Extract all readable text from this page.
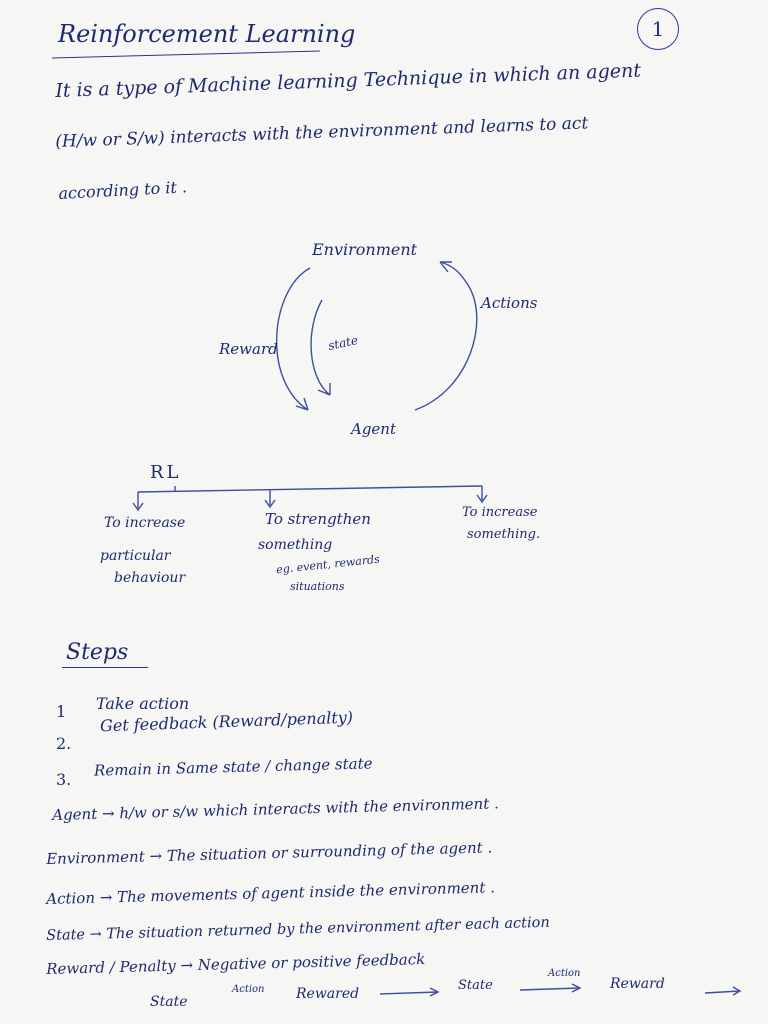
Reinforcement Learning	1
It is a type of Machine learning Technique in which an agent
(H/w or S/w) interacts with the environment and learns to act
according to it .
Environment
Actions
Reward	state
Agent
RL
To increase
particular
behaviour
To strengthen
something
eg. event, rewards
situations
To increase
something.
Steps
1 Take action
2.
Get feedback (Reward/penalty)
3. Remain in Same state / change state
Agent → h/w or s/w which interacts with the environment .
Environment → The situation or surrounding of the agent .
Action → The movements of agent inside the environment .
State → The situation returned by the environment after each action
Reward / Penalty → Negative or positive feedback
State
Action Rewared
State
Action
Reward
